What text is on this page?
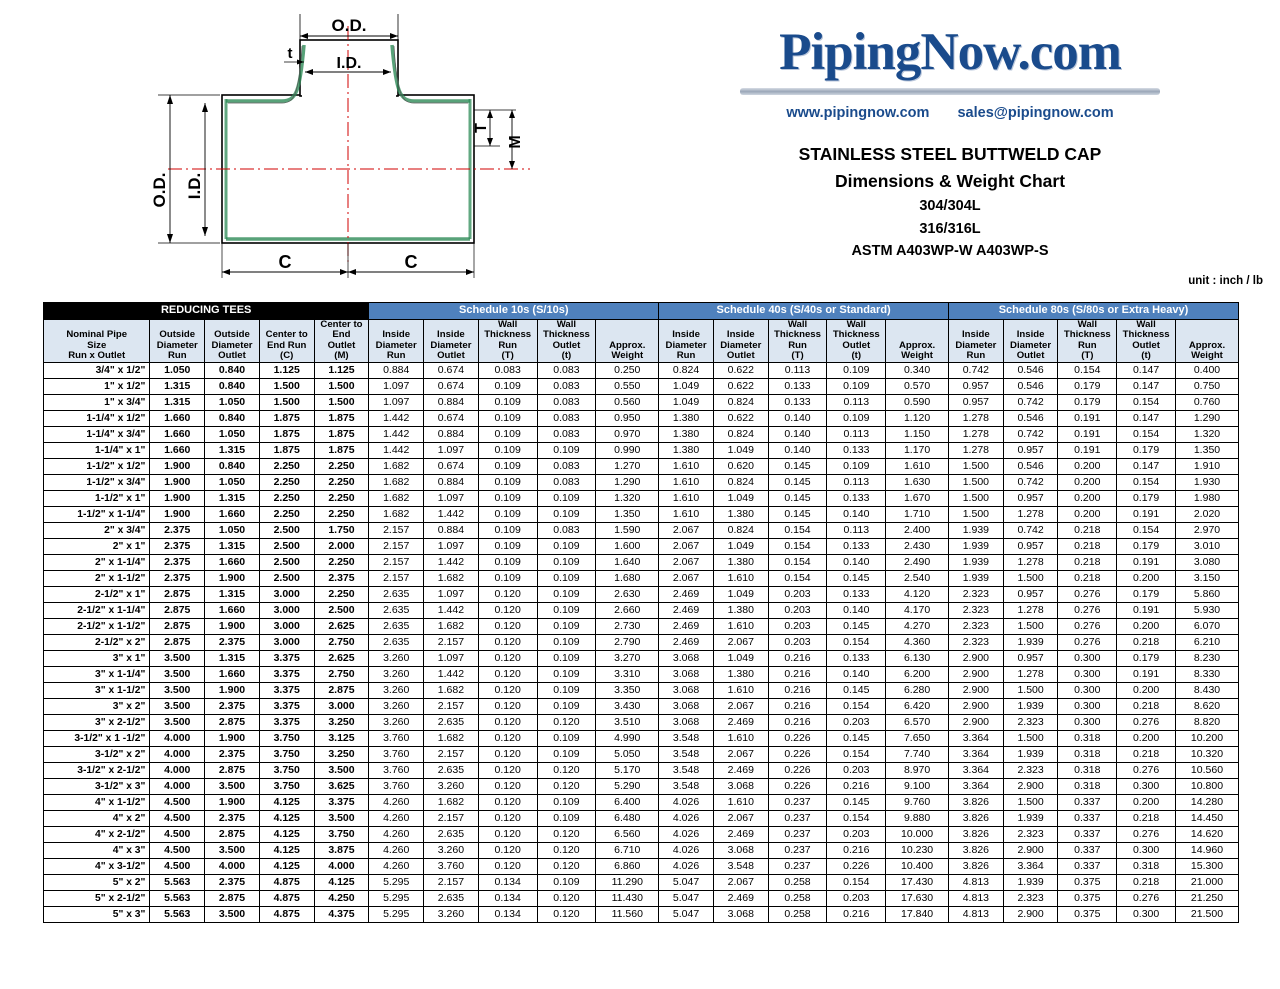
O.D.
I.D.
t
O.D. I.D.
T
M
C	C
PipingNow.com
www.pipingnow.com sales@pipingnow.com
STAINLESS STEEL BUTTWELD CAP
Dimensions & Weight Chart
304/304L
316/316L
ASTM A403WP-W A403WP-S
unit : inch / lb
REDUCING TEES					Schedule 10s (S/10s)					Schedule 40s (S/40s or Standard)					Schedule 80s (S/80s or Extra Heavy)				

Nominal Pipe
Size
Run x Outlet	Outside
Diameter
Run	Outside
Diameter
Outlet	Center to
End Run
(C)	Center to
End
Outlet
(M)	Inside
Diameter
Run	Inside
Diameter
Outlet	Wall
Thickness
Run
(T)	Wall
Thickness
Outlet
(t)	Approx.
Weight	Inside
Diameter
Run	Inside
Diameter
Outlet	Wall
Thickness
Run
(T)	Wall
Thickness
Outlet
(t)	Approx.
Weight	Inside
Diameter
Run	Inside
Diameter
Outlet	Wall
Thickness
Run
(T)	Wall
Thickness
Outlet
(t)	Approx.
Weight

3/4" x 1/2"	1.050	0.840	1.125	1.125	0.884	0.674	0.083	0.083	0.250	0.824	0.622	0.113	0.109	0.340	0.742	0.546	0.154	0.147	0.400
1" x 1/2"	1.315	0.840	1.500	1.500	1.097	0.674	0.109	0.083	0.550	1.049	0.622	0.133	0.109	0.570	0.957	0.546	0.179	0.147	0.750
1" x 3/4"	1.315	1.050	1.500	1.500	1.097	0.884	0.109	0.083	0.560	1.049	0.824	0.133	0.113	0.590	0.957	0.742	0.179	0.154	0.760
1-1/4" x 1/2"	1.660	0.840	1.875	1.875	1.442	0.674	0.109	0.083	0.950	1.380	0.622	0.140	0.109	1.120	1.278	0.546	0.191	0.147	1.290
1-1/4" x 3/4"	1.660	1.050	1.875	1.875	1.442	0.884	0.109	0.083	0.970	1.380	0.824	0.140	0.113	1.150	1.278	0.742	0.191	0.154	1.320
1-1/4" x 1"	1.660	1.315	1.875	1.875	1.442	1.097	0.109	0.109	0.990	1.380	1.049	0.140	0.133	1.170	1.278	0.957	0.191	0.179	1.350
1-1/2" x 1/2"	1.900	0.840	2.250	2.250	1.682	0.674	0.109	0.083	1.270	1.610	0.620	0.145	0.109	1.610	1.500	0.546	0.200	0.147	1.910
1-1/2" x 3/4"	1.900	1.050	2.250	2.250	1.682	0.884	0.109	0.083	1.290	1.610	0.824	0.145	0.113	1.630	1.500	0.742	0.200	0.154	1.930
1-1/2" x 1"	1.900	1.315	2.250	2.250	1.682	1.097	0.109	0.109	1.320	1.610	1.049	0.145	0.133	1.670	1.500	0.957	0.200	0.179	1.980
1-1/2" x 1-1/4"	1.900	1.660	2.250	2.250	1.682	1.442	0.109	0.109	1.350	1.610	1.380	0.145	0.140	1.710	1.500	1.278	0.200	0.191	2.020
2" x 3/4"	2.375	1.050	2.500	1.750	2.157	0.884	0.109	0.083	1.590	2.067	0.824	0.154	0.113	2.400	1.939	0.742	0.218	0.154	2.970
2" x 1"	2.375	1.315	2.500	2.000	2.157	1.097	0.109	0.109	1.600	2.067	1.049	0.154	0.133	2.430	1.939	0.957	0.218	0.179	3.010
2" x 1-1/4"	2.375	1.660	2.500	2.250	2.157	1.442	0.109	0.109	1.640	2.067	1.380	0.154	0.140	2.490	1.939	1.278	0.218	0.191	3.080
2" x 1-1/2"	2.375	1.900	2.500	2.375	2.157	1.682	0.109	0.109	1.680	2.067	1.610	0.154	0.145	2.540	1.939	1.500	0.218	0.200	3.150
2-1/2" x 1"	2.875	1.315	3.000	2.250	2.635	1.097	0.120	0.109	2.630	2.469	1.049	0.203	0.133	4.120	2.323	0.957	0.276	0.179	5.860
2-1/2" x 1-1/4"	2.875	1.660	3.000	2.500	2.635	1.442	0.120	0.109	2.660	2.469	1.380	0.203	0.140	4.170	2.323	1.278	0.276	0.191	5.930
2-1/2" x 1-1/2"	2.875	1.900	3.000	2.625	2.635	1.682	0.120	0.109	2.730	2.469	1.610	0.203	0.145	4.270	2.323	1.500	0.276	0.200	6.070
2-1/2" x 2"	2.875	2.375	3.000	2.750	2.635	2.157	0.120	0.109	2.790	2.469	2.067	0.203	0.154	4.360	2.323	1.939	0.276	0.218	6.210
3" x 1"	3.500	1.315	3.375	2.625	3.260	1.097	0.120	0.109	3.270	3.068	1.049	0.216	0.133	6.130	2.900	0.957	0.300	0.179	8.230
3" x 1-1/4"	3.500	1.660	3.375	2.750	3.260	1.442	0.120	0.109	3.310	3.068	1.380	0.216	0.140	6.200	2.900	1.278	0.300	0.191	8.330
3" x 1-1/2"	3.500	1.900	3.375	2.875	3.260	1.682	0.120	0.109	3.350	3.068	1.610	0.216	0.145	6.280	2.900	1.500	0.300	0.200	8.430
3" x 2"	3.500	2.375	3.375	3.000	3.260	2.157	0.120	0.109	3.430	3.068	2.067	0.216	0.154	6.420	2.900	1.939	0.300	0.218	8.620
3" x 2-1/2"	3.500	2.875	3.375	3.250	3.260	2.635	0.120	0.120	3.510	3.068	2.469	0.216	0.203	6.570	2.900	2.323	0.300	0.276	8.820
3-1/2" x 1 -1/2"	4.000	1.900	3.750	3.125	3.760	1.682	0.120	0.109	4.990	3.548	1.610	0.226	0.145	7.650	3.364	1.500	0.318	0.200	10.200
3-1/2" x 2"	4.000	2.375	3.750	3.250	3.760	2.157	0.120	0.109	5.050	3.548	2.067	0.226	0.154	7.740	3.364	1.939	0.318	0.218	10.320
3-1/2" x 2-1/2"	4.000	2.875	3.750	3.500	3.760	2.635	0.120	0.120	5.170	3.548	2.469	0.226	0.203	8.970	3.364	2.323	0.318	0.276	10.560
3-1/2" x 3"	4.000	3.500	3.750	3.625	3.760	3.260	0.120	0.120	5.290	3.548	3.068	0.226	0.216	9.100	3.364	2.900	0.318	0.300	10.800
4" x 1-1/2"	4.500	1.900	4.125	3.375	4.260	1.682	0.120	0.109	6.400	4.026	1.610	0.237	0.145	9.760	3.826	1.500	0.337	0.200	14.280
4" x 2"	4.500	2.375	4.125	3.500	4.260	2.157	0.120	0.109	6.480	4.026	2.067	0.237	0.154	9.880	3.826	1.939	0.337	0.218	14.450
4" x 2-1/2"	4.500	2.875	4.125	3.750	4.260	2.635	0.120	0.120	6.560	4.026	2.469	0.237	0.203	10.000	3.826	2.323	0.337	0.276	14.620
4" x 3"	4.500	3.500	4.125	3.875	4.260	3.260	0.120	0.120	6.710	4.026	3.068	0.237	0.216	10.230	3.826	2.900	0.337	0.300	14.960
4" x 3-1/2"	4.500	4.000	4.125	4.000	4.260	3.760	0.120	0.120	6.860	4.026	3.548	0.237	0.226	10.400	3.826	3.364	0.337	0.318	15.300
5" x 2"	5.563	2.375	4.875	4.125	5.295	2.157	0.134	0.109	11.290	5.047	2.067	0.258	0.154	17.430	4.813	1.939	0.375	0.218	21.000
5" x 2-1/2"	5.563	2.875	4.875	4.250	5.295	2.635	0.134	0.120	11.430	5.047	2.469	0.258	0.203	17.630	4.813	2.323	0.375	0.276	21.250
5" x 3"	5.563	3.500	4.875	4.375	5.295	3.260	0.134	0.120	11.560	5.047	3.068	0.258	0.216	17.840	4.813	2.900	0.375	0.300	21.500
